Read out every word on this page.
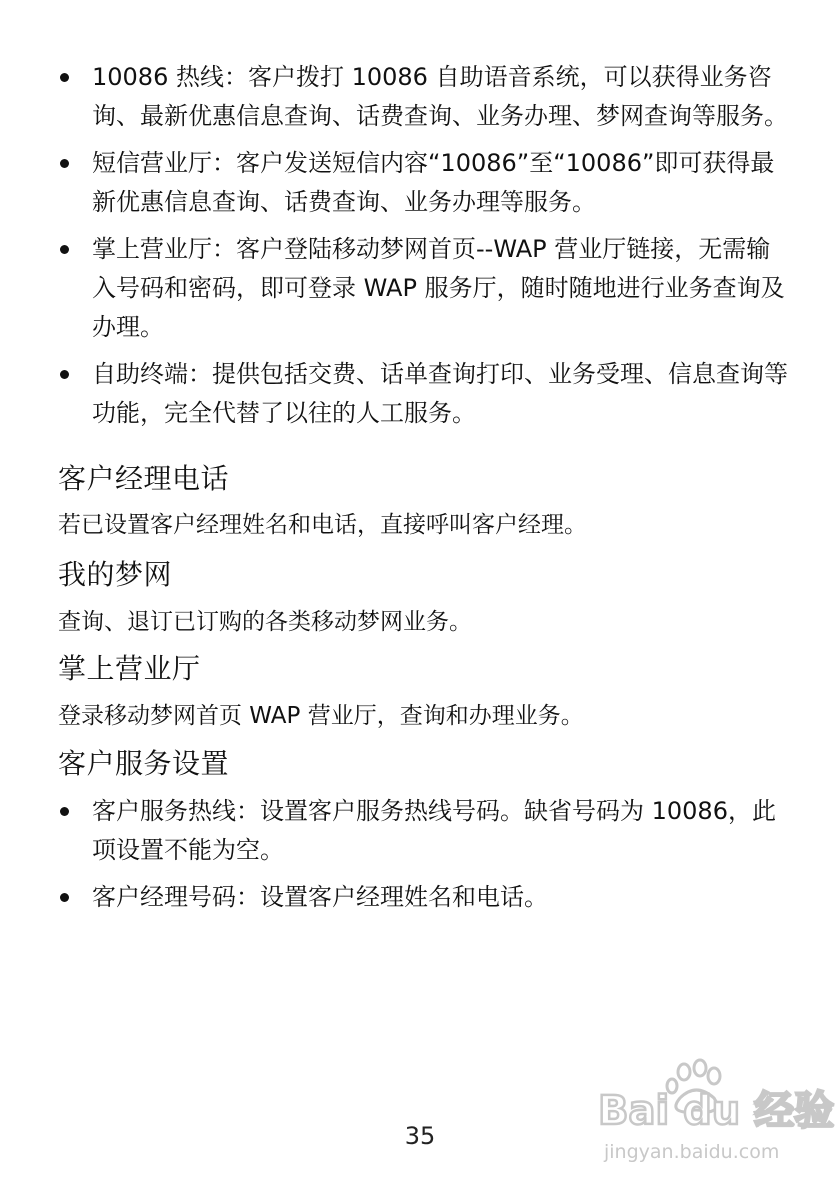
10086 热线：客户拨打 10086 自助语音系统，可以获得业务咨询、最新优惠信息查询、话费查询、业务办理、梦网查询等服务。
短信营业厅：客户发送短信内容“10086”至“10086”即可获得最新优惠信息查询、话费查询、业务办理等服务。
掌上营业厅：客户登陆移动梦网首页--WAP 营业厅链接，无需输入号码和密码，即可登录 WAP 服务厅，随时随地进行业务查询及办理。
自助终端：提供包括交费、话单查询打印、业务受理、信息查询等功能，完全代替了以往的人工服务。
客户经理电话

若已设置客户经理姓名和电话，直接呼叫客户经理。

我的梦网

查询、退订已订购的各类移动梦网业务。

掌上营业厅

登录移动梦网首页 WAP 营业厅，查询和办理业务。

客户服务设置
客户服务热线：设置客户服务热线号码。缺省号码为 10086，此项设置不能为空。
客户经理号码：设置客户经理姓名和电话。
35
Bai du 经验
jingyan.baidu.com
